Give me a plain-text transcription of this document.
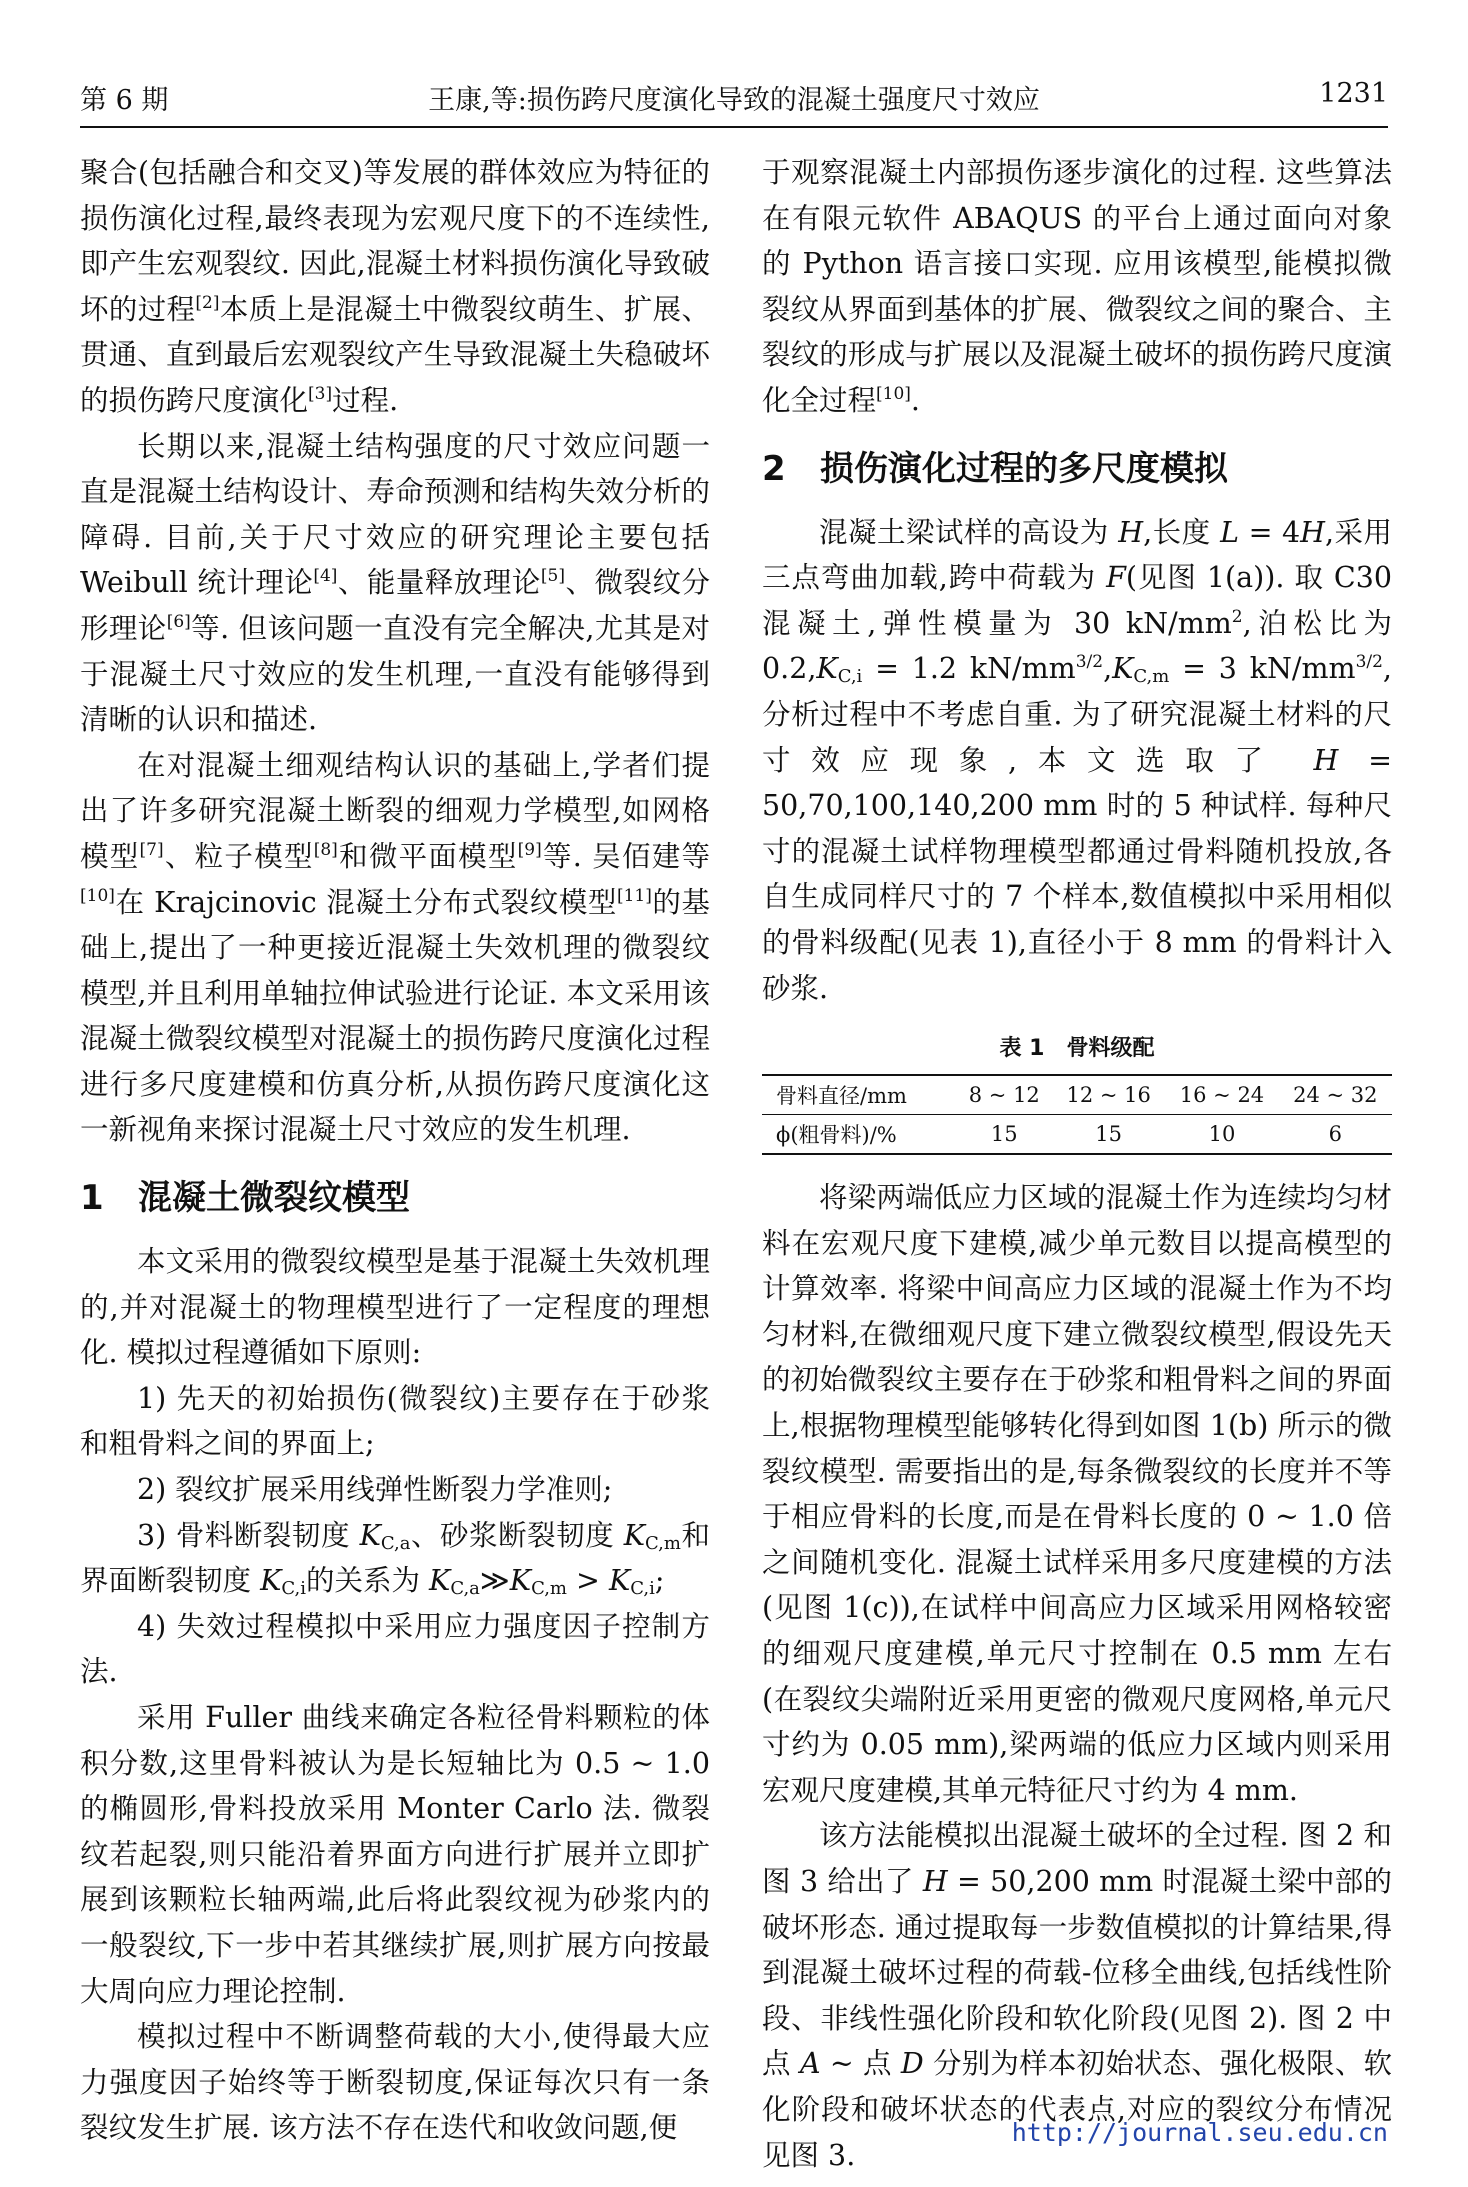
第 6 期	王康,等:损伤跨尺度演化导致的混凝土强度尺寸效应	1231

聚合(包括融合和交叉)等发展的群体效应为特征的损伤演化过程,最终表现为宏观尺度下的不连续性,即产生宏观裂纹. 因此,混凝土材料损伤演化导致破坏的过程[2]本质上是混凝土中微裂纹萌生、扩展、贯通、直到最后宏观裂纹产生导致混凝土失稳破坏的损伤跨尺度演化[3]过程.

长期以来,混凝土结构强度的尺寸效应问题一直是混凝土结构设计、寿命预测和结构失效分析的障碍. 目前,关于尺寸效应的研究理论主要包括 Weibull 统计理论[4]、能量释放理论[5]、微裂纹分形理论[6]等. 但该问题一直没有完全解决,尤其是对于混凝土尺寸效应的发生机理,一直没有能够得到清晰的认识和描述.

在对混凝土细观结构认识的基础上,学者们提出了许多研究混凝土断裂的细观力学模型,如网格模型[7]、粒子模型[8]和微平面模型[9]等. 吴佰建等[10]在 Krajcinovic 混凝土分布式裂纹模型[11]的基础上,提出了一种更接近混凝土失效机理的微裂纹模型,并且利用单轴拉伸试验进行论证. 本文采用该混凝土微裂纹模型对混凝土的损伤跨尺度演化过程进行多尺度建模和仿真分析,从损伤跨尺度演化这一新视角来探讨混凝土尺寸效应的发生机理.

1 混凝土微裂纹模型

本文采用的微裂纹模型是基于混凝土失效机理的,并对混凝土的物理模型进行了一定程度的理想化. 模拟过程遵循如下原则:

1) 先天的初始损伤(微裂纹)主要存在于砂浆和粗骨料之间的界面上;

2) 裂纹扩展采用线弹性断裂力学准则;

3) 骨料断裂韧度 $K_{C,a}$、砂浆断裂韧度 $K_{C,m}$和界面断裂韧度 $K_{C,i}$的关系为 $K_{C,a}≫K_{C,m} > K_{C,i}$;

4) 失效过程模拟中采用应力强度因子控制方法.

采用 Fuller 曲线来确定各粒径骨料颗粒的体积分数,这里骨料被认为是长短轴比为 0.5 ~ 1.0 的椭圆形,骨料投放采用 Monter Carlo 法. 微裂纹若起裂,则只能沿着界面方向进行扩展并立即扩展到该颗粒长轴两端,此后将此裂纹视为砂浆内的一般裂纹,下一步中若其继续扩展,则扩展方向按最大周向应力理论控制.

模拟过程中不断调整荷载的大小,使得最大应力强度因子始终等于断裂韧度,保证每次只有一条裂纹发生扩展. 该方法不存在迭代和收敛问题,便

于观察混凝土内部损伤逐步演化的过程. 这些算法在有限元软件 ABAQUS 的平台上通过面向对象的 Python 语言接口实现. 应用该模型,能模拟微裂纹从界面到基体的扩展、微裂纹之间的聚合、主裂纹的形成与扩展以及混凝土破坏的损伤跨尺度演化全过程[10].

2 损伤演化过程的多尺度模拟

混凝土梁试样的高设为 H,长度 L = 4H,采用三点弯曲加载,跨中荷载为 F(见图 1(a)). 取 C30 混凝土,弹性模量为 30 $kN/mm^2$,泊松比为 $0.2,K_{C,i} = 1.2$ $kN/mm^{3/2},K_{C,m} = 3$ $kN/mm^{3/2}$,分析过程中不考虑自重. 为了研究混凝土材料的尺寸效应现象,本文选取了 H = 50,70,100,140,200 mm 时的 5 种试样. 每种尺寸的混凝土试样物理模型都通过骨料随机投放,各自生成同样尺寸的 7 个样本,数值模拟中采用相似的骨料级配(见表 1),直径小于 8 mm 的骨料计入砂浆.

表 1 骨料级配
骨料直径/mm	8 ~ 12	12 ~ 16	16 ~ 24	24 ~ 32
ϕ(粗骨料)/%	15	15	10	6

将梁两端低应力区域的混凝土作为连续均匀材料在宏观尺度下建模,减少单元数目以提高模型的计算效率. 将梁中间高应力区域的混凝土作为不均匀材料,在微细观尺度下建立微裂纹模型,假设先天的初始微裂纹主要存在于砂浆和粗骨料之间的界面上,根据物理模型能够转化得到如图 1(b) 所示的微裂纹模型. 需要指出的是,每条微裂纹的长度并不等于相应骨料的长度,而是在骨料长度的 0 ~ 1.0 倍之间随机变化. 混凝土试样采用多尺度建模的方法(见图 1(c)),在试样中间高应力区域采用网格较密的细观尺度建模,单元尺寸控制在 0.5 mm 左右(在裂纹尖端附近采用更密的微观尺度网格,单元尺寸约为 0.05 mm),梁两端的低应力区域内则采用宏观尺度建模,其单元特征尺寸约为 4 mm.

该方法能模拟出混凝土破坏的全过程. 图 2 和图 3 给出了 H = 50,200 mm 时混凝土梁中部的破坏形态. 通过提取每一步数值模拟的计算结果,得到混凝土破坏过程的荷载-位移全曲线,包括线性阶段、非线性强化阶段和软化阶段(见图 2). 图 2 中点 A ~ 点 D 分别为样本初始状态、强化极限、软化阶段和破坏状态的代表点,对应的裂纹分布情况见图 3.

http://journal.seu.edu.cn
